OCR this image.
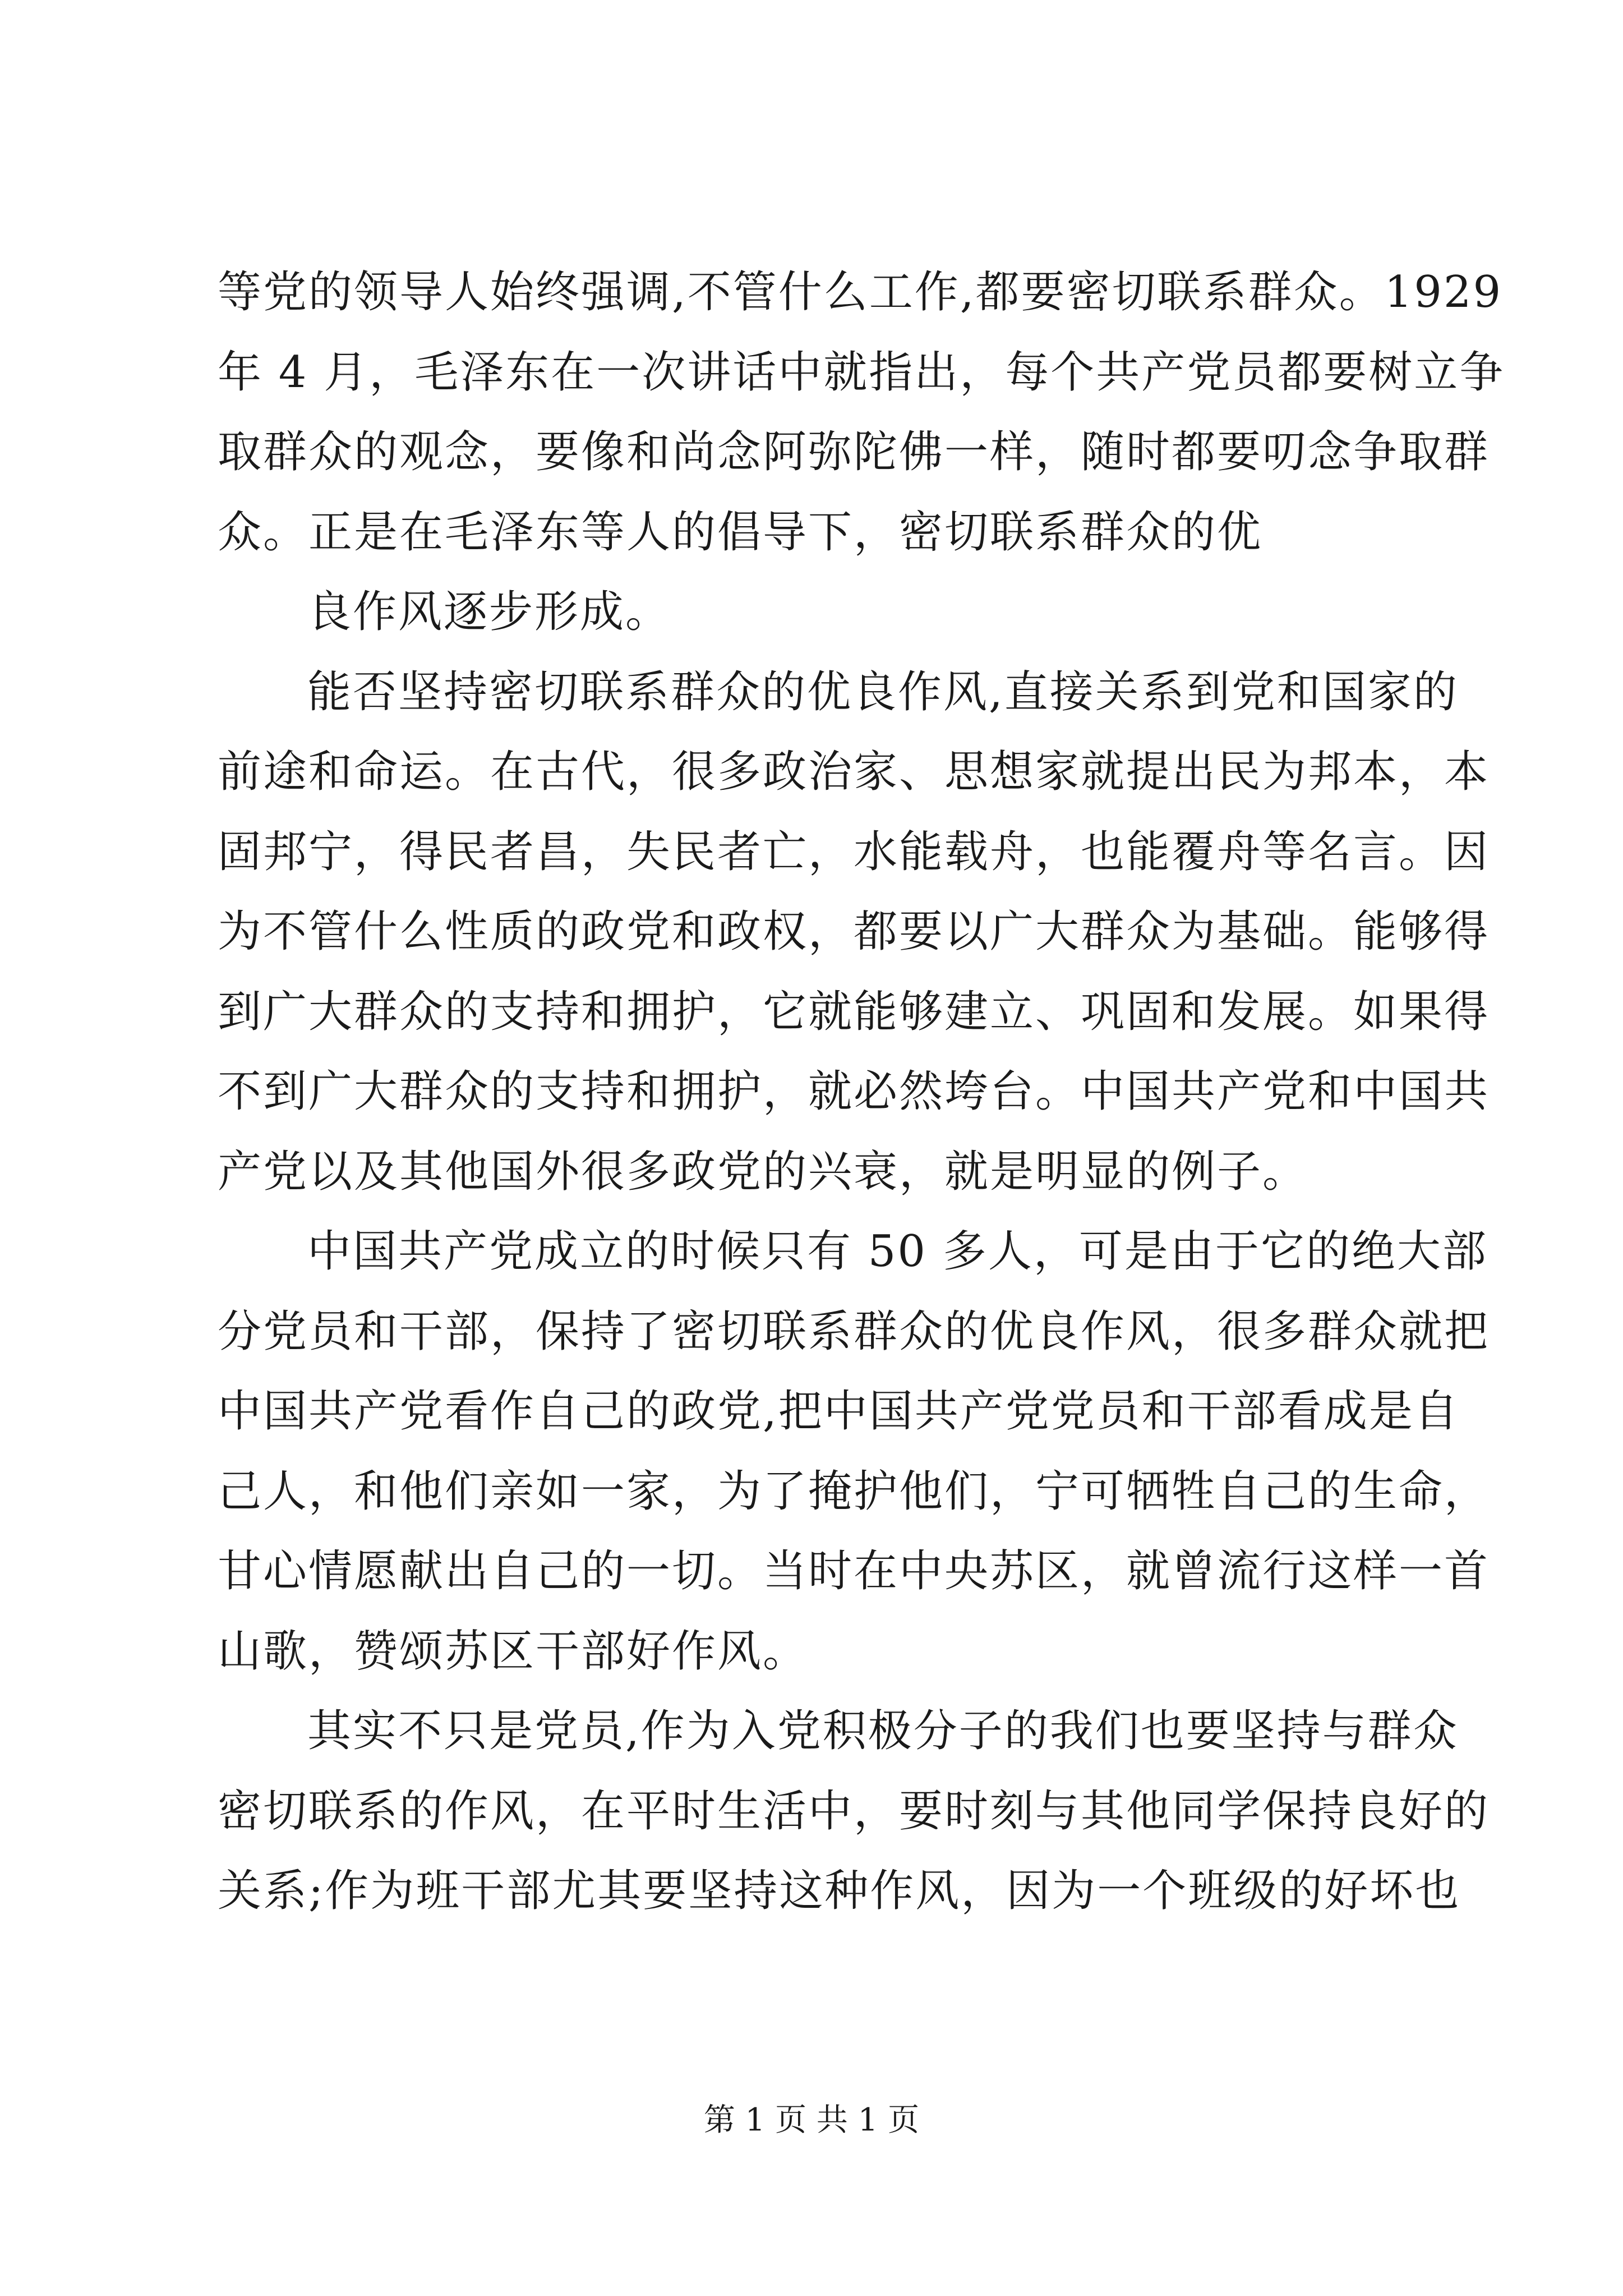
等党的领导人始终强调,不管什么工作,都要密切联系群众。1929
年 4 月，毛泽东在一次讲话中就指出，每个共产党员都要树立争
取群众的观念，要像和尚念阿弥陀佛一样，随时都要叨念争取群
众。正是在毛泽东等人的倡导下，密切联系群众的优
良作风逐步形成。
能否坚持密切联系群众的优良作风,直接关系到党和国家的
前途和命运。在古代，很多政治家、思想家就提出民为邦本，本
固邦宁，得民者昌，失民者亡，水能载舟，也能覆舟等名言。因
为不管什么性质的政党和政权，都要以广大群众为基础。能够得
到广大群众的支持和拥护，它就能够建立、巩固和发展。如果得
不到广大群众的支持和拥护，就必然垮台。中国共产党和中国共
产党以及其他国外很多政党的兴衰，就是明显的例子。
中国共产党成立的时候只有 50 多人，可是由于它的绝大部
分党员和干部，保持了密切联系群众的优良作风，很多群众就把
中国共产党看作自己的政党,把中国共产党党员和干部看成是自
己人，和他们亲如一家，为了掩护他们，宁可牺牲自己的生命，
甘心情愿献出自己的一切。当时在中央苏区，就曾流行这样一首
山歌，赞颂苏区干部好作风。
其实不只是党员,作为入党积极分子的我们也要坚持与群众
密切联系的作风，在平时生活中，要时刻与其他同学保持良好的
关系;作为班干部尤其要坚持这种作风，因为一个班级的好坏也
第 1 页 共 1 页
